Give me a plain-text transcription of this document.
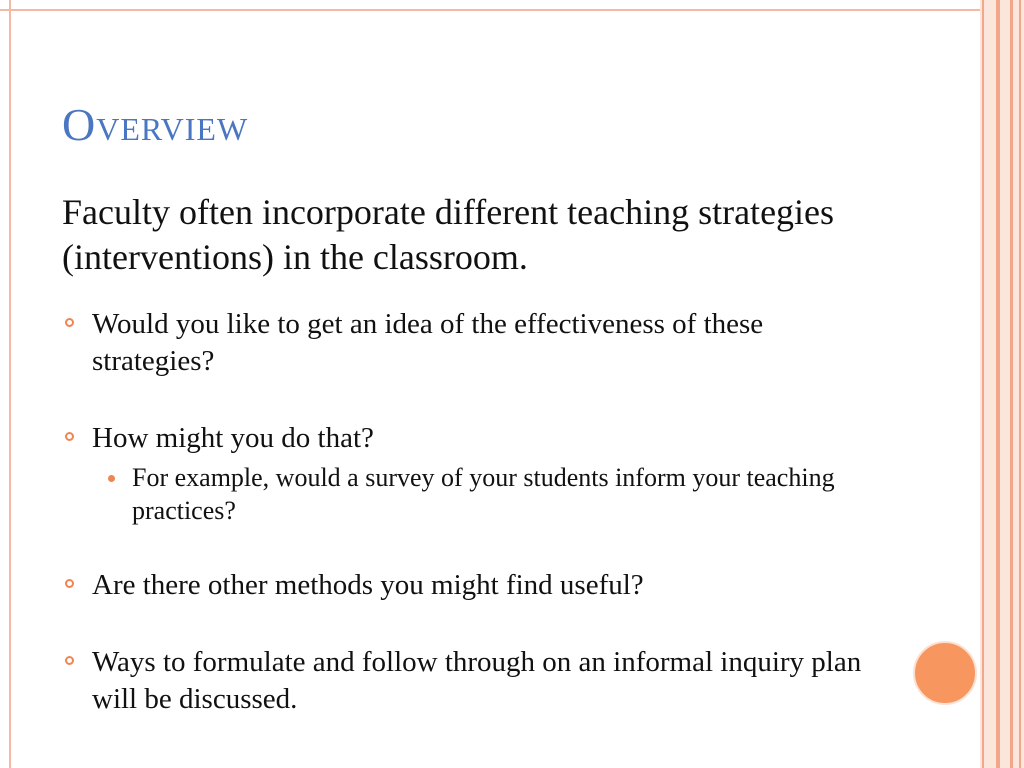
Overview
Faculty often incorporate different teaching strategies (interventions) in the classroom.
Would you like to get an idea of the effectiveness of these strategies?
How might you do that?
For example, would a survey of your students inform your teaching practices?
Are there other methods you might find useful?
Ways to formulate and follow through on an informal inquiry plan will be discussed.
